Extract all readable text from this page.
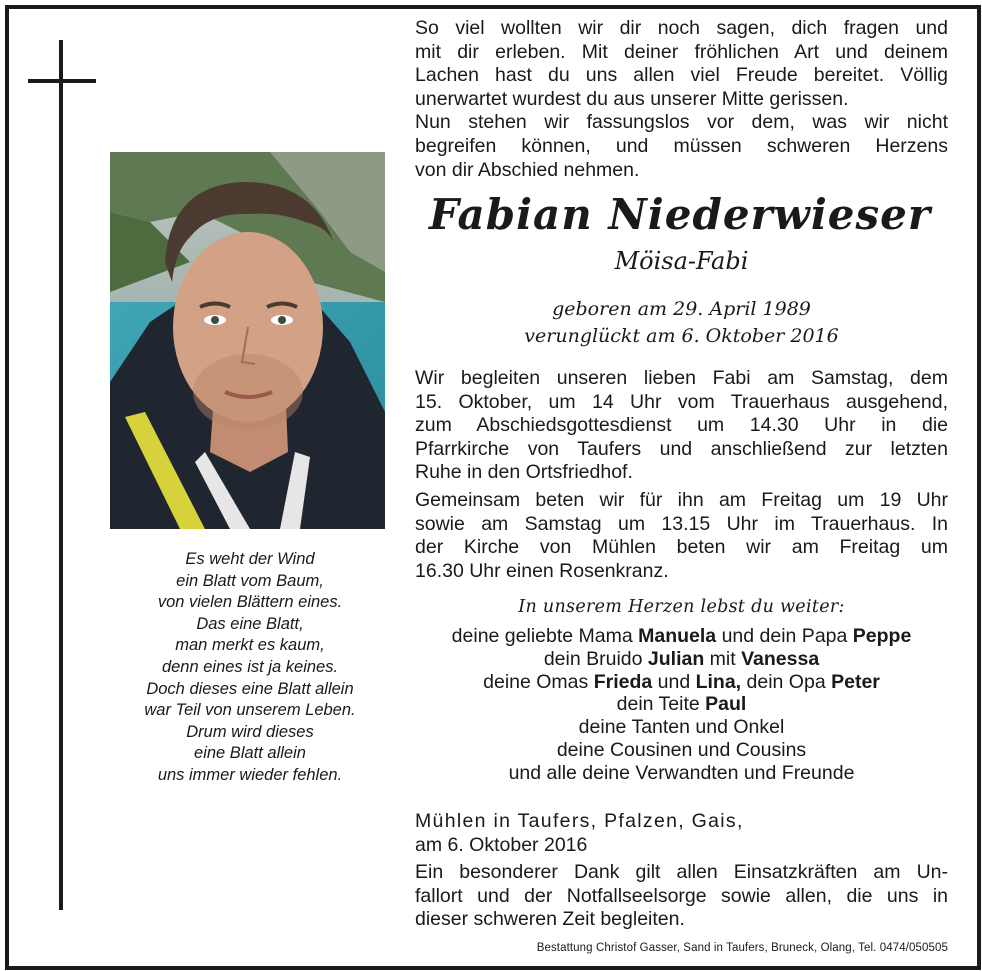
Es weht der Wind
ein Blatt vom Baum,
von vielen Blättern eines.
Das eine Blatt,
man merkt es kaum,
denn eines ist ja keines.
Doch dieses eine Blatt allein
war Teil von unserem Leben.
Drum wird dieses
eine Blatt allein
uns immer wieder fehlen.

So viel wollten wir dir noch sagen, dich fragen und
mit dir erleben. Mit deiner fröhlichen Art und deinem
Lachen hast du uns allen viel Freude bereitet. Völlig
unerwartet wurdest du aus unserer Mitte gerissen.
Nun stehen wir fassungslos vor dem, was wir nicht
begreifen können, und müssen schweren Herzens
von dir Abschied nehmen.

Fabian Niederwieser
Möisa-Fabi
geboren am 29. April 1989
verunglückt am 6. Oktober 2016

Wir begleiten unseren lieben Fabi am Samstag, dem
15. Oktober, um 14 Uhr vom Trauerhaus ausgehend,
zum Abschiedsgottesdienst um 14.30 Uhr in die
Pfarrkirche von Taufers und anschließend zur letzten
Ruhe in den Ortsfriedhof.

Gemeinsam beten wir für ihn am Freitag um 19 Uhr
sowie am Samstag um 13.15 Uhr im Trauerhaus. In
der Kirche von Mühlen beten wir am Freitag um
16.30 Uhr einen Rosenkranz.

In unserem Herzen lebst du weiter:
deine geliebte Mama Manuela und dein Papa Peppe
dein Bruido Julian mit Vanessa
deine Omas Frieda und Lina, dein Opa Peter
dein Teite Paul
deine Tanten und Onkel
deine Cousinen und Cousins
und alle deine Verwandten und Freunde
Mühlen in Taufers, Pfalzen, Gais,
am 6. Oktober 2016

Ein besonderer Dank gilt allen Einsatzkräften am Un-
fallort und der Notfallseelsorge sowie allen, die uns in
dieser schweren Zeit begleiten.

Bestattung Christof Gasser, Sand in Taufers, Bruneck, Olang, Tel. 0474/050505
